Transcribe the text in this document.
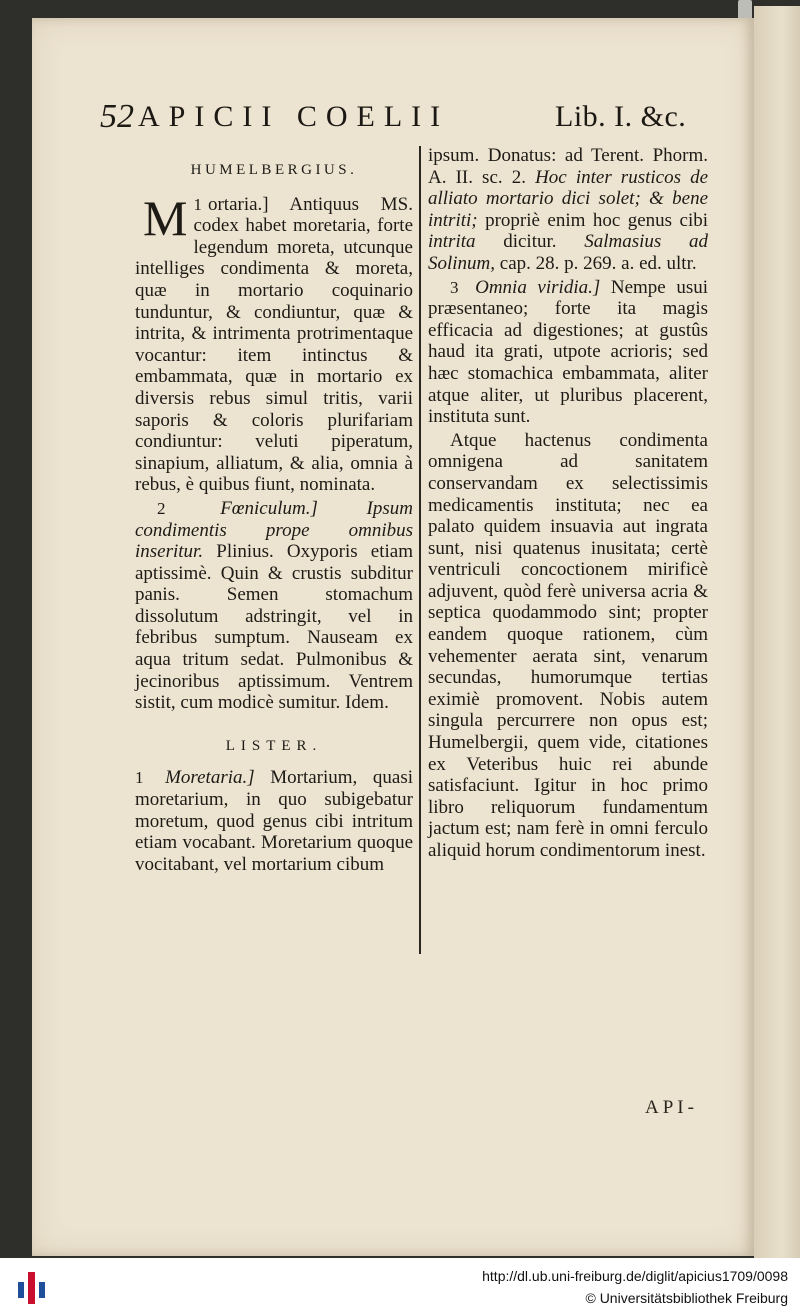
52 APICII COELII	Lib. I. &c.
HUMELBERGIUS.

1
M ortaria.] Antiquus MS. codex habet moretaria, forte legendum moreta, utcunque intelliges condimenta & moreta, quæ in mortario coquinario tunduntur, & condiuntur, quæ & intrita, & intrimenta protrimentaque vocantur: item intinctus & embammata, quæ in mortario ex diversis rebus simul tritis, varii saporis & coloris plurifariam condiuntur: veluti piperatum, sinapium, alliatum, & alia, omnia à rebus, è quibus fiunt, nominata.

2	Fœniculum.]	Ipsum condimentis prope omnibus inseritur. Plinius. Oxyporis etiam aptissimè. Quin & crustis subditur panis. Semen stomachum dissolutum adstringit, vel in febribus sumptum. Nauseam ex aqua tritum sedat. Pulmonibus & jecinoribus aptissimum. Ventrem sistit, cum modicè sumitur. Idem.

LISTER.

1 Moretaria.] Mortarium, quasi moretarium, in quo subigebatur moretum, quod genus cibi intritum etiam vocabant. Moretarium quoque vocitabant, vel mortarium cibum

ipsum. Donatus: ad Terent. Phorm. A. II. sc. 2. Hoc inter rusticos de alliato mortario dici solet; & bene intriti; propriè enim hoc genus cibi intrita dicitur. Salmasius ad Solinum, cap. 28. p. 269. a. ed. ultr.

3 Omnia viridia.] Nempe usui præsentaneo; forte ita magis efficacia ad digestiones; at gustûs haud ita grati, utpote acrioris; sed hæc stomachica embammata, aliter atque aliter, ut pluribus placerent, instituta sunt.

Atque hactenus condimenta omnigena ad sanitatem conservandam ex selectissimis medicamentis instituta; nec ea palato quidem insuavia aut ingrata sunt, nisi quatenus inusitata; certè ventriculi concoctionem mirificè adjuvent, quòd ferè universa acria & septica quodammodo sint; propter eandem quoque rationem, cùm vehementer aerata sint, venarum secundas, humorumque tertias eximiè promovent. Nobis autem singula percurrere non opus est; Humelbergii, quem vide, citationes ex Veteribus huic rei abunde satisfaciunt. Igitur in hoc primo libro reliquorum fundamentum jactum est; nam ferè in omni ferculo aliquid horum condimentorum inest.

API-
http://dl.ub.uni-freiburg.de/diglit/apicius1709/0098
© Universitätsbibliothek Freiburg
